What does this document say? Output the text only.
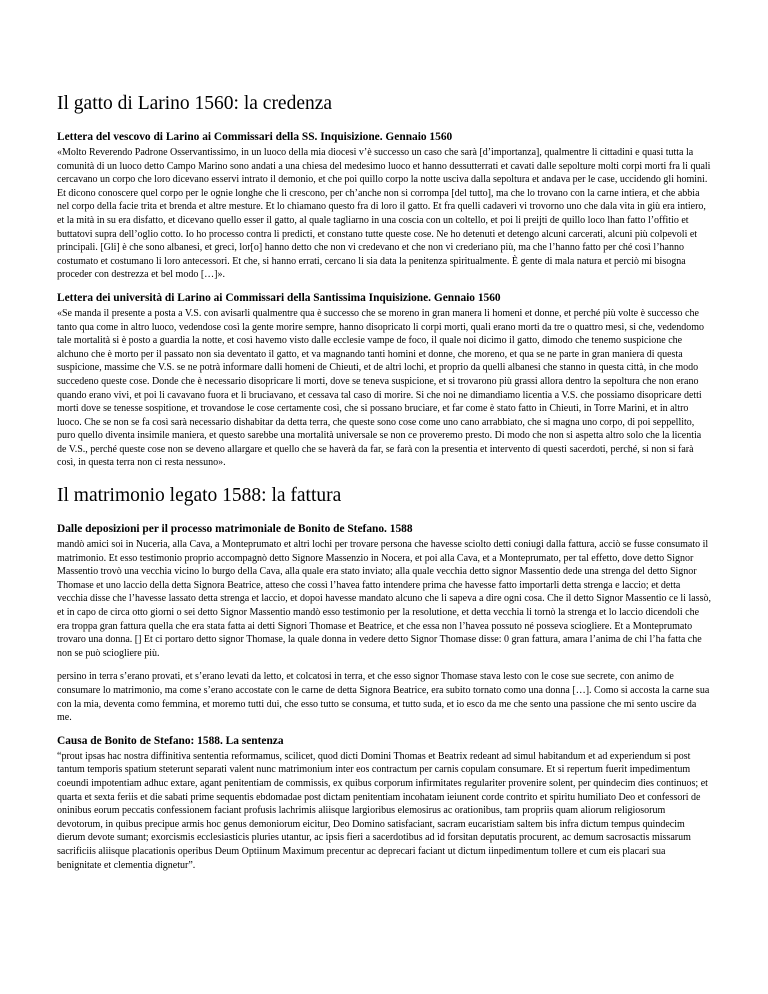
Il gatto di Larino 1560: la credenza
Lettera del vescovo di Larino ai Commissari della SS. Inquisizione. Gennaio 1560

«Molto Reverendo Padrone Osservantissimo, in un luoco della mia diocesi v’è successo un caso che sarà [d’importanza], qualmentre li cittadini e quasi tutta la comunità di un luoco detto Campo Marino sono andati a una chiesa del medesimo luoco et hanno dessutterrati et cavati dalle sepolture molti corpi morti fra li quali cercavano un corpo che loro dicevano esservi intrato il demonio, et che poi quillo corpo la notte usciva dalla sepoltura et andava per le case, uccidendo gli homini. Et dicono conoscere quel corpo per le ognie longhe che li crescono, per ch’anche non si corrompa [del tutto], ma che lo trovano con la carne intiera, et che abbia nel corpo della facie trita et brenda et altre mesture. Et lo chiamano questo fra di loro il gatto. Et fra quelli cadaveri vi trovorno uno che dala vita in giù era intiero, et la mità in su era disfatto, et dicevano quello esser il gatto, al quale tagliarno in una coscia con un coltello, et poi li preijti de quillo loco lhan fatto l’offitio et buttatovi supra dell’oglio cotto. Io ho processo contra li predicti, et constano tutte queste cose. Ne ho detenuti et detengo alcuni carcerati, alcuni più colpevoli et principali. [Gli] è che sono albanesi, et greci, lor[o] hanno detto che non vi credevano et che non vi crederiano più, ma che l’hanno fatto per ché così l’hanno costumato et costumano li loro antecessori. Et che, si hanno errati, cercano li sia data la penitenza spiritualmente. È gente di mala natura et perciò mi bisogna proceder con destrezza et bel modo […]».

Lettera dei università di Larino ai Commissari della Santissima Inquisizione. Gennaio 1560

«Se manda il presente a posta a V.S. con avisarli qualmentre qua è successo che se moreno in gran manera li homeni et donne, et perché più volte è successo che tanto qua come in altro luoco, vedendose così la gente morire sempre, hanno disopricato li corpi morti, quali erano morti da tre o quattro mesi, si che, vedendomo tale mortalità si è posto a guardia la notte, et così havemo visto dalle ecclesie vampe de foco, il quale noi dicimo il gatto, dimodo che tenemo suspicione che alchuno che è morto per il passato non sia deventato il gatto, et va magnando tanti homini et donne, che moreno, et qua se ne parte in gran maniera di questa suspicione, massime che V.S. se ne potrà informare dalli homeni de Chieuti, et de altri lochi, et proprio da quelli albanesi che stanno in questa città, in che modo succedeno queste cose. Donde che è necessario disopricare li morti, dove se teneva suspicione, et si trovarono più grassi allora dentro la sepoltura che non erano quando erano vivi, et poi li cavavano fuora et li bruciavano, et cessava tal caso di morire. Si che noi ne dimandiamo licentia a V.S. che possiamo disopricare detti morti dove se tenesse sospitione, et trovandose le cose certamente così, che si possano bruciare, et far come è stato fatto in Chieuti, in Torre Marini, et in altro luoco. Che se non se fa così sarà necessario dishabitar da detta terra, che queste sono cose come uno cano arrabbiato, che si magna uno corpo, di poi seppellito, puro quello diventa insimile maniera, et questo sarebbe una mortalità universale se non ce proveremo presto. Di modo che non si aspetta altro solo che la licentia de V.S., perché queste cose non se deveno allargare et quello che se haverà da far, se farà con la presentia et intervento di questi sacerdoti, perché, si non si farà così, in questa terra non ci resta nessuno».

Il matrimonio legato 1588: la fattura
Dalle deposizioni per il processo matrimoniale de Bonito de Stefano. 1588

mandò amici soi in Nuceria, alla Cava, a Monteprumato et altri lochi per trovare persona che havesse sciolto detti coniugi dalla fattura, acciò se fusse consumato il matrimonio. Et esso testimonio proprio accompagnò detto Signore Massenzio in Nocera, et poi alla Cava, et a Monteprumato, per tal effetto, dove detto Signor Massentio trovò una vecchia vicino lo burgo della Cava, alla quale era stato inviato; alla quale vecchia detto signor Massentio dede una strenga del detto Signor Thomase et uno laccio della detta Signora Beatrice, atteso che cossì l’havea fatto intendere prima che havesse fatto importarli detta strenga e laccio; et detta vecchia disse che l’havesse lassato detta strenga et laccio, et dopoi havesse mandato alcuno che li sapeva a dire ogni cosa. Che il detto Signor Massentio ce li lassò, et in capo de circa otto giorni o sei detto Signor Massentio mandò esso testimonio per la resolutione, et detta vecchia li tornò la strenga et lo laccio dicendoli che era troppa gran fattura quella che era stata fatta ai detti Signori Thomase et Beatrice, et che essa non l’havea possuto né posseva sciogliere. Et a Monteprumato trovaro una donna. [] Et ci portaro detto signor Thomase, la quale donna in vedere detto Signor Thomase disse: 0 gran fattura, amara l’anima de chi l’ha fatta che non se può sciogliere più.

persino in terra s’erano provati, et s’erano levati da letto, et colcatosi in terra, et che esso signor Thomase stava lesto con le cose sue secrete, con animo de consumare lo matrimonio, ma come s’erano accostate con le carne de detta Signora Beatrice, era subito tornato como una donna […]. Como si accosta la carne sua con la mia, deventa como femmina, et moremo tutti dui, che esso tutto se consuma, et tutto suda, et io esco da me che sento una passione che mi sento uscire da me.

Causa de Bonito de Stefano: 1588. La sentenza

“prout ipsas hac nostra diffinitiva sententia reformamus, scilicet, quod dicti Domini Thomas et Beatrix redeant ad simul habitandum et ad experiendum si post tantum temporis spatium steterunt separati valent nunc matrimonium inter eos contractum per carnis copulam consumare. Et si repertum fuerit impedimentum coeundi impotentiam adhuc extare, agant penitentiam de commissis, ex quibus corporum infirmitates regulariter provenire solent, per quindecim dies continuos; et quarta et sexta feriis et die sabati prime sequentis ebdomadae post dictam penitentiam incohatam ieiunent corde contrito et spiritu humiliato Deo et confessori de oninibus eorum peccatis confessionem faciant profusis lachrimis aliisque largioribus elemosirus ac orationibus, tam propriis quam aliorum religiosorum devotorum, in quibus precipue armis hoc genus demoniorum eicitur, Deo Domino satisfaciant, sacram eucaristiam saltem bis infra dictum tempus quindecim dierum devote sumant; exorcismis ecclesiasticis pluries utantur, ac ipsis fieri a sacerdotibus ad id forsitan deputatis procurent, ac demum sacrosactis missarum sacrificiis aliisque placationis operibus Deum Optiinum Maximum precentur ac deprecari faciant ut dictum iinpedimentum tollere et cum eis placari sua benignitate et clementia dignetur”.
